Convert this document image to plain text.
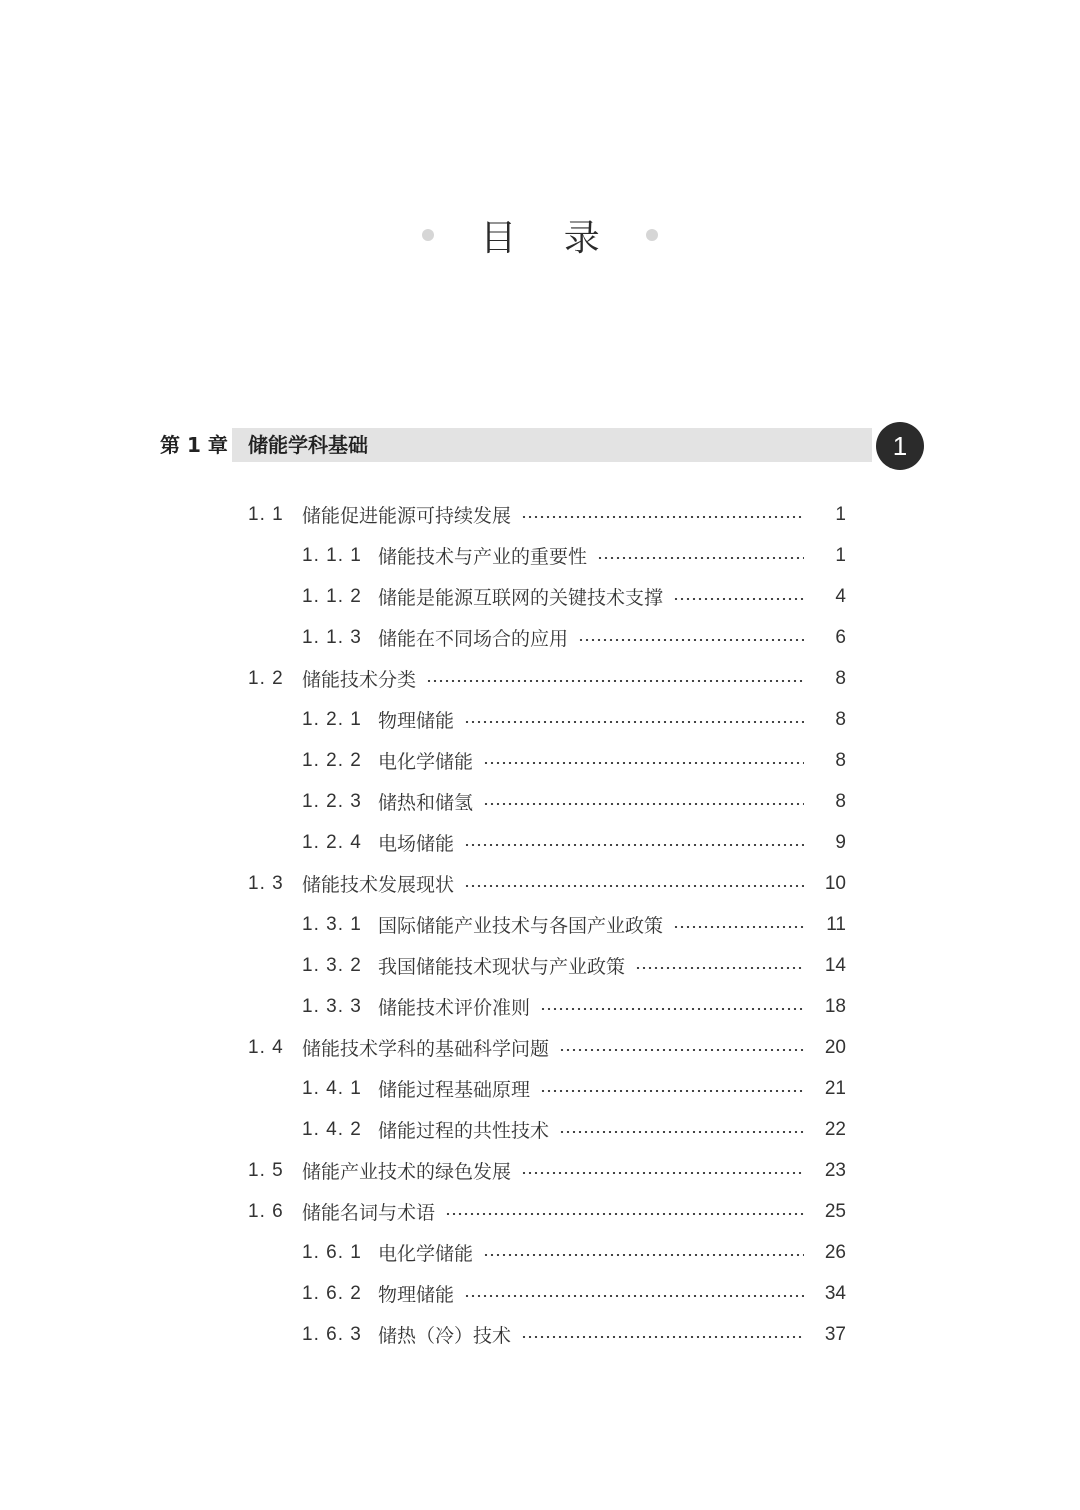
目 录
第 1 章 储能学科基础	1
1. 1 储能促进能源可持续发展	1
1. 1. 1 储能技术与产业的重要性	1
1. 1. 2 储能是能源互联网的关键技术支撑	4
1. 1. 3 储能在不同场合的应用	6
1. 2 储能技术分类	8
1. 2. 1 物理储能	8
1. 2. 2 电化学储能	8
1. 2. 3 储热和储氢	8
1. 2. 4 电场储能	9
1. 3 储能技术发展现状	10
1. 3. 1 国际储能产业技术与各国产业政策	11
1. 3. 2 我国储能技术现状与产业政策	14
1. 3. 3 储能技术评价准则	18
1. 4 储能技术学科的基础科学问题	20
1. 4. 1 储能过程基础原理	21
1. 4. 2 储能过程的共性技术	22
1. 5 储能产业技术的绿色发展	23
1. 6 储能名词与术语	25
1. 6. 1 电化学储能	26
1. 6. 2 物理储能	34
1. 6. 3 储热（冷）技术	37
